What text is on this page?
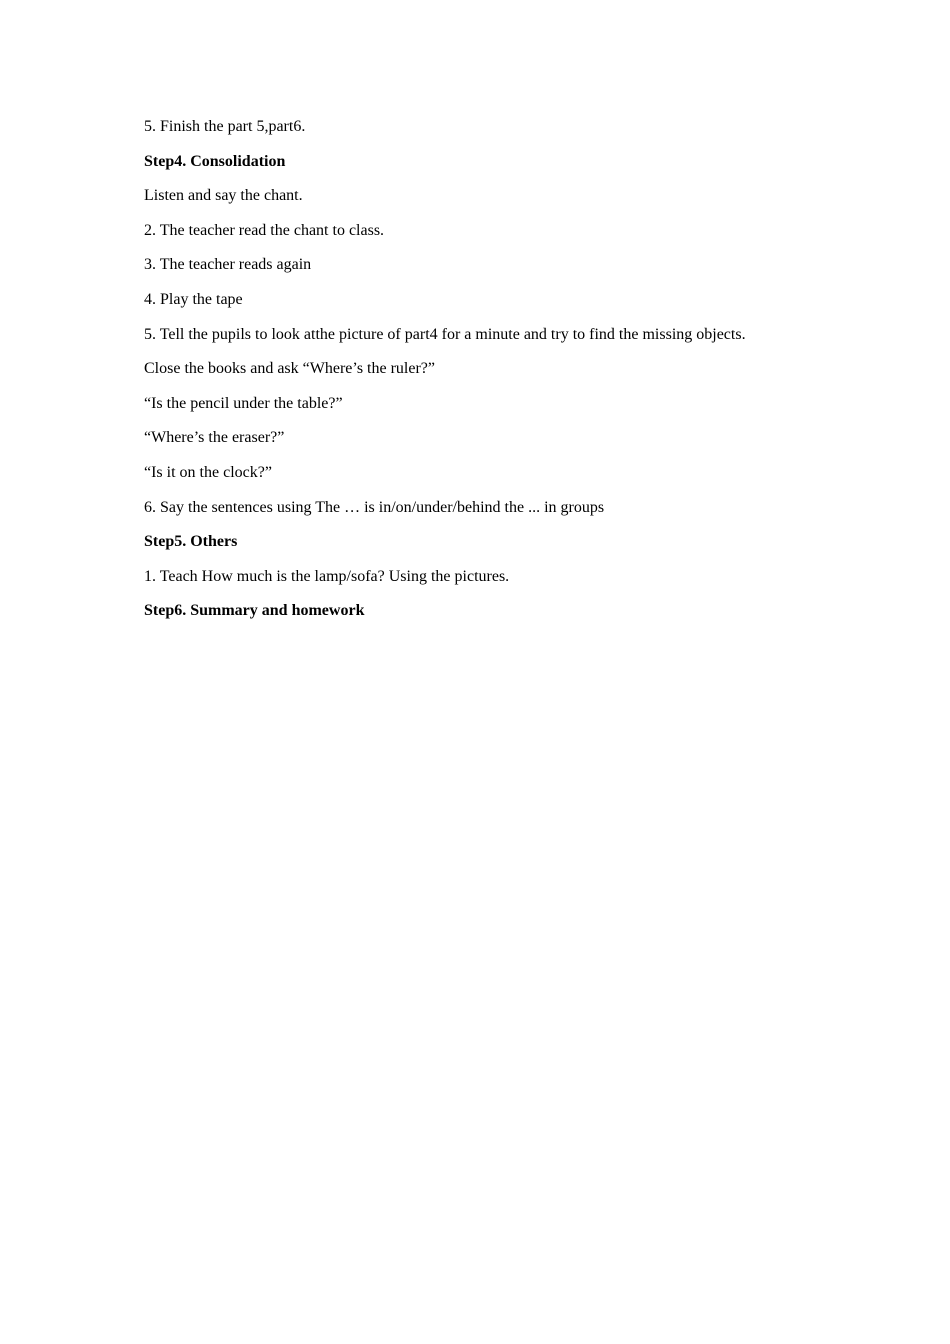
5. Finish the part 5,part6.
Step4. Consolidation
Listen and say the chant.
2. The teacher read the chant to class.
3. The teacher reads again
4. Play the tape
5. Tell the pupils to look atthe picture of part4 for a minute and try to find the missing objects.
Close the books and ask “Where’s the ruler?”
“Is the pencil under the table?”
“Where’s the eraser?”
“Is it on the clock?”
6. Say the sentences using The … is in/on/under/behind the ... in groups
Step5. Others
1. Teach How much is the lamp/sofa? Using the pictures.
Step6. Summary and homework
